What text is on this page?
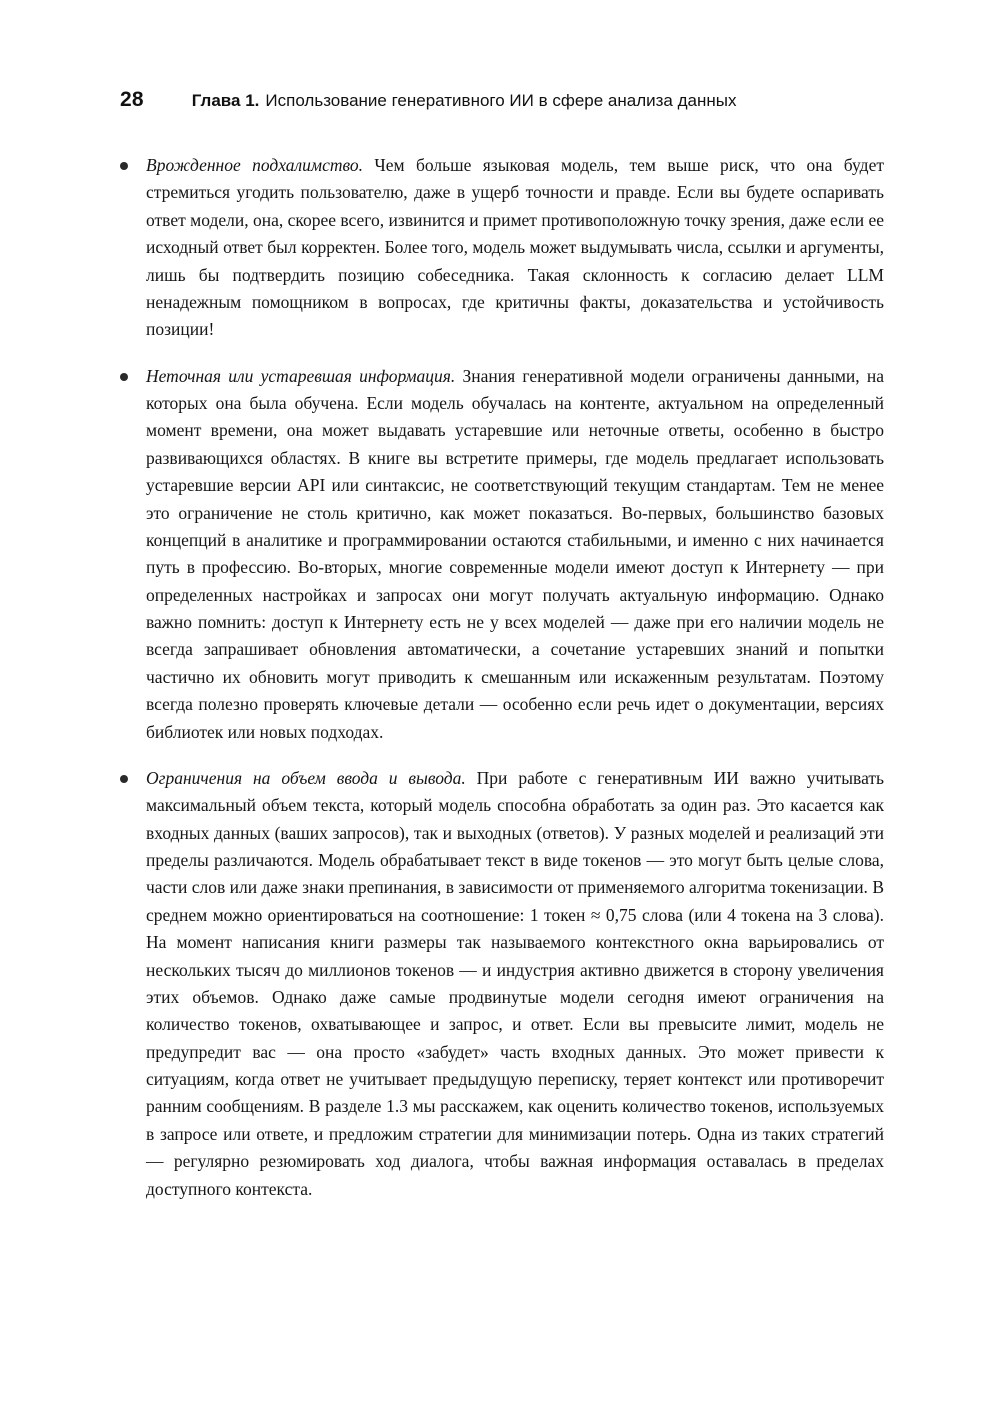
28	Глава 1. Использование генеративного ИИ в сфере анализа данных
Врожденное подхалимство. Чем больше языковая модель, тем выше риск, что она будет стремиться угодить пользователю, даже в ущерб точности и правде. Если вы будете оспаривать ответ модели, она, скорее всего, извинится и примет противоположную точку зрения, даже если ее исходный ответ был корректен. Более того, модель может выдумывать числа, ссылки и аргументы, лишь бы подтвердить позицию собеседника. Такая склонность к согласию делает LLM ненадежным помощником в вопросах, где критичны факты, доказательства и устойчивость позиции!
Неточная или устаревшая информация. Знания генеративной модели ограничены данными, на которых она была обучена. Если модель обучалась на контенте, актуальном на определенный момент времени, она может выдавать устаревшие или неточные ответы, особенно в быстро развивающихся областях. В книге вы встретите примеры, где модель предлагает использовать устаревшие версии API или синтаксис, не соответствующий текущим стандартам. Тем не менее это ограничение не столь критично, как может показаться. Во-первых, большинство базовых концепций в аналитике и программировании остаются стабильными, и именно с них начинается путь в профессию. Во-вторых, многие современные модели имеют доступ к Интернету — при определенных настройках и запросах они могут получать актуальную информацию. Однако важно помнить: доступ к Интернету есть не у всех моделей — даже при его наличии модель не всегда запрашивает обновления автоматически, а сочетание устаревших знаний и попытки частично их обновить могут приводить к смешанным или искаженным результатам. Поэтому всегда полезно проверять ключевые детали — особенно если речь идет о документации, версиях библиотек или новых подходах.
Ограничения на объем ввода и вывода. При работе с генеративным ИИ важно учитывать максимальный объем текста, который модель способна обработать за один раз. Это касается как входных данных (ваших запросов), так и выходных (ответов). У разных моделей и реализаций эти пределы различаются. Модель обрабатывает текст в виде токенов — это могут быть целые слова, части слов или даже знаки препинания, в зависимости от применяемого алгоритма токенизации. В среднем можно ориентироваться на соотношение: 1 токен ≈ 0,75 слова (или 4 токена на 3 слова). На момент написания книги размеры так называемого контекстного окна варьировались от нескольких тысяч до миллионов токенов — и индустрия активно движется в сторону увеличения этих объемов. Однако даже самые продвинутые модели сегодня имеют ограничения на количество токенов, охватывающее и запрос, и ответ. Если вы превысите лимит, модель не предупредит вас — она просто «забудет» часть входных данных. Это может привести к ситуациям, когда ответ не учитывает предыдущую переписку, теряет контекст или противоречит ранним сообщениям. В разделе 1.3 мы расскажем, как оценить количество токенов, используемых в запросе или ответе, и предложим стратегии для минимизации потерь. Одна из таких стратегий — регулярно резюмировать ход диалога, чтобы важная информация оставалась в пределах доступного контекста.
